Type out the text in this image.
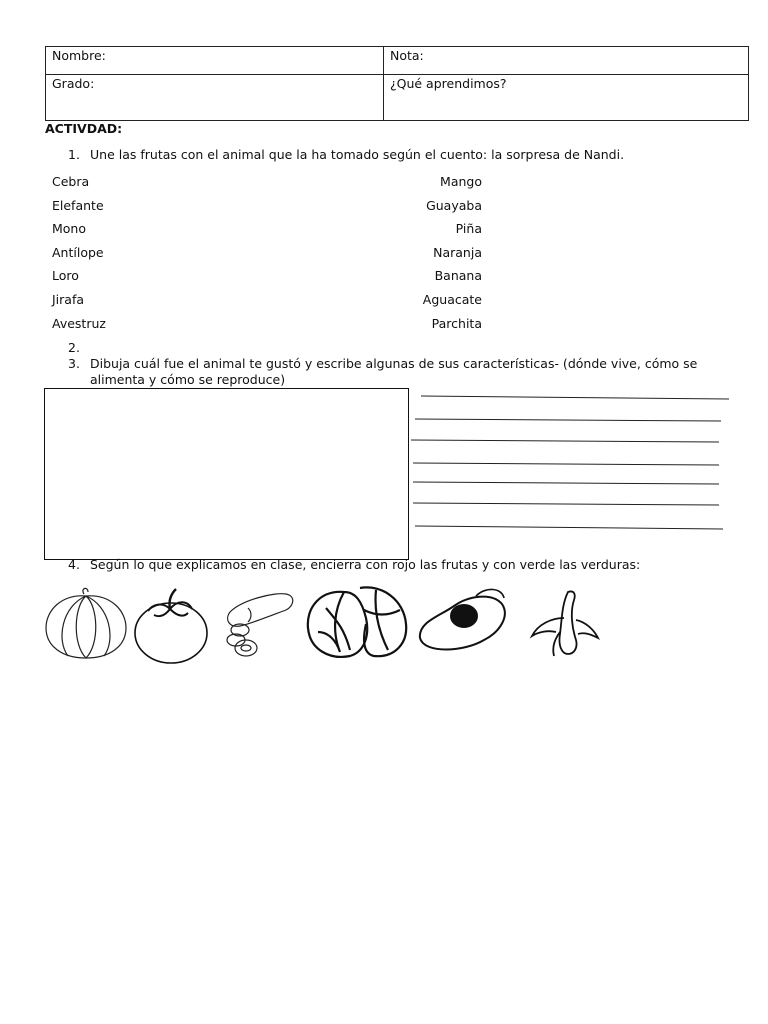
Nombre:	Nota:
Grado:	¿Qué aprendimos?
ACTIVDAD:
1. Une las frutas con el animal que la ha tomado según el cuento: la sorpresa de Nandi.
Cebra
Elefante
Mono
Antílope
Loro
Jirafa
Avestruz
Mango
Guayaba
Piña
Naranja
Banana
Aguacate
Parchita
2.
3. Dibuja cuál fue el animal te gustó y escribe algunas de sus características- (dónde vive, cómo se
alimenta y cómo se reproduce)
4. Según lo que explicamos en clase, encierra con rojo las frutas y con verde las verduras:
